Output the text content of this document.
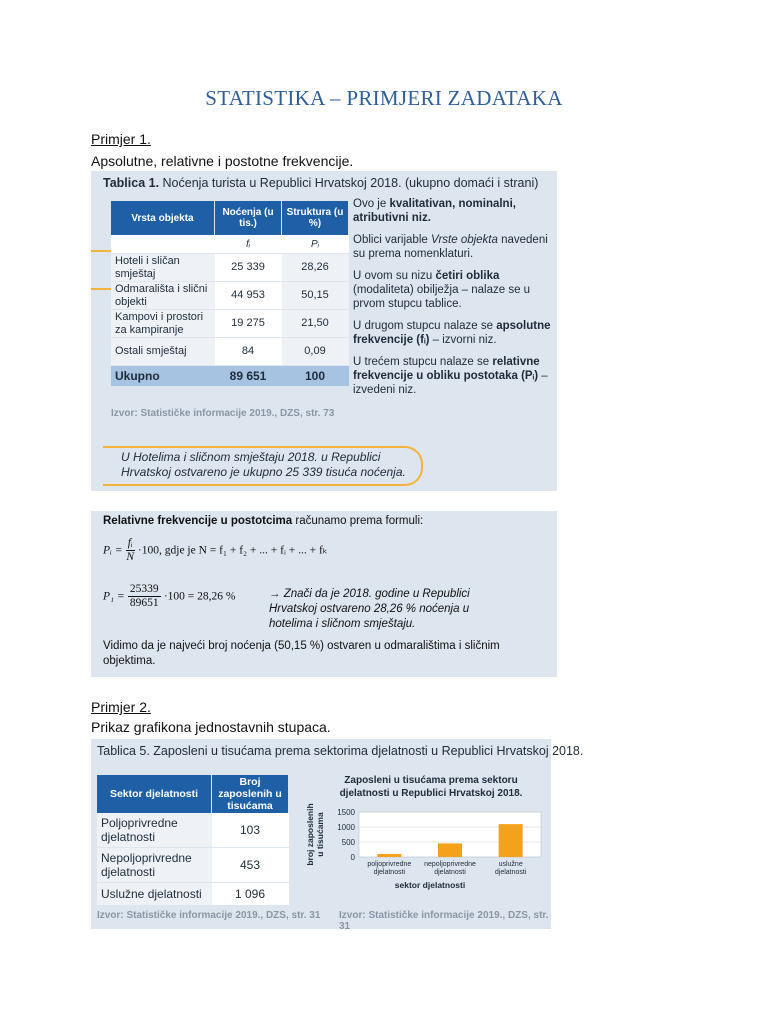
STATISTIKA – PRIMJERI ZADATAKA
Primjer 1.
Apsolutne, relativne i postotne frekvencije.
Tablica 1. Noćenja turista u Republici Hrvatskoj 2018. (ukupno domaći i strani)
Vrsta objekta	Noćenja (u tis.)	Struktura (u %)
	fᵢ	Pᵢ
Hoteli i sličan smještaj	25 339	28,26
Odmarališta i slični objekti	44 953	50,15
Kampovi i prostori za kampiranje	19 275	21,50
Ostali smještaj	84	0,09
Ukupno	89 651	100

Ovo je kvalitativan, nominalni, atributivni niz.

Oblici varijable Vrste objekta navedeni su prema nomenklaturi.

U ovom su nizu četiri oblika (modaliteta) obilježja – nalaze se u prvom stupcu tablice.

U drugom stupcu nalaze se apsolutne frekvencije (fᵢ) – izvorni niz.

U trećem stupcu nalaze se relativne frekvencije u obliku postotaka (Pᵢ) – izvedeni niz.

Izvor: Statističke informacije 2019., DZS, str. 73
U Hotelima i sličnom smještaju 2018. u Republici Hrvatskoj ostvareno je ukupno 25 339 tisuća noćenja.
Relativne frekvencije u postotcima računamo prema formuli:
Pᵢ = $\frac{\text{fᵢ}}{N} \cdot 100$, gdje je N = f₁ + f₂ + ... + fᵢ + ... + fₖ
$P_1 = \frac{25339}{89651} \cdot 100 = 28,26$ %	→ Znači da je 2018. godine u Republici Hrvatskoj ostvareno 28,26 % noćenja u hotelima i sličnom smještaju.
Vidimo da je najveći broj noćenja (50,15 %) ostvaren u odmaralištima i sličnim objektima.
Primjer 2.
Prikaz grafikona jednostavnih stupaca.
Tablica 5. Zaposleni u tisućama prema sektorima djelatnosti u Republici Hrvatskoj 2018.
Sektor djelatnosti	Broj zaposlenih u tisućama
Poljoprivredne djelatnosti	103
Nepoljoprivredne djelatnosti	453
Uslužne djelatnosti	1 096
Izvor: Statističke informacije 2019., DZS, str. 31 Izvor: Statističke informacije 2019., DZS, str. 31
Zaposleni u tisućama prema sektoru
djelatnosti u Republici Hrvatskoj 2018.
0
500
1000
1500
poljoprivredne
djelatnosti
nepoljoprivredne
djelatnosti
uslužne
djelatnosti
sektor djelatnosti
broj zaposlenih u tisućama
